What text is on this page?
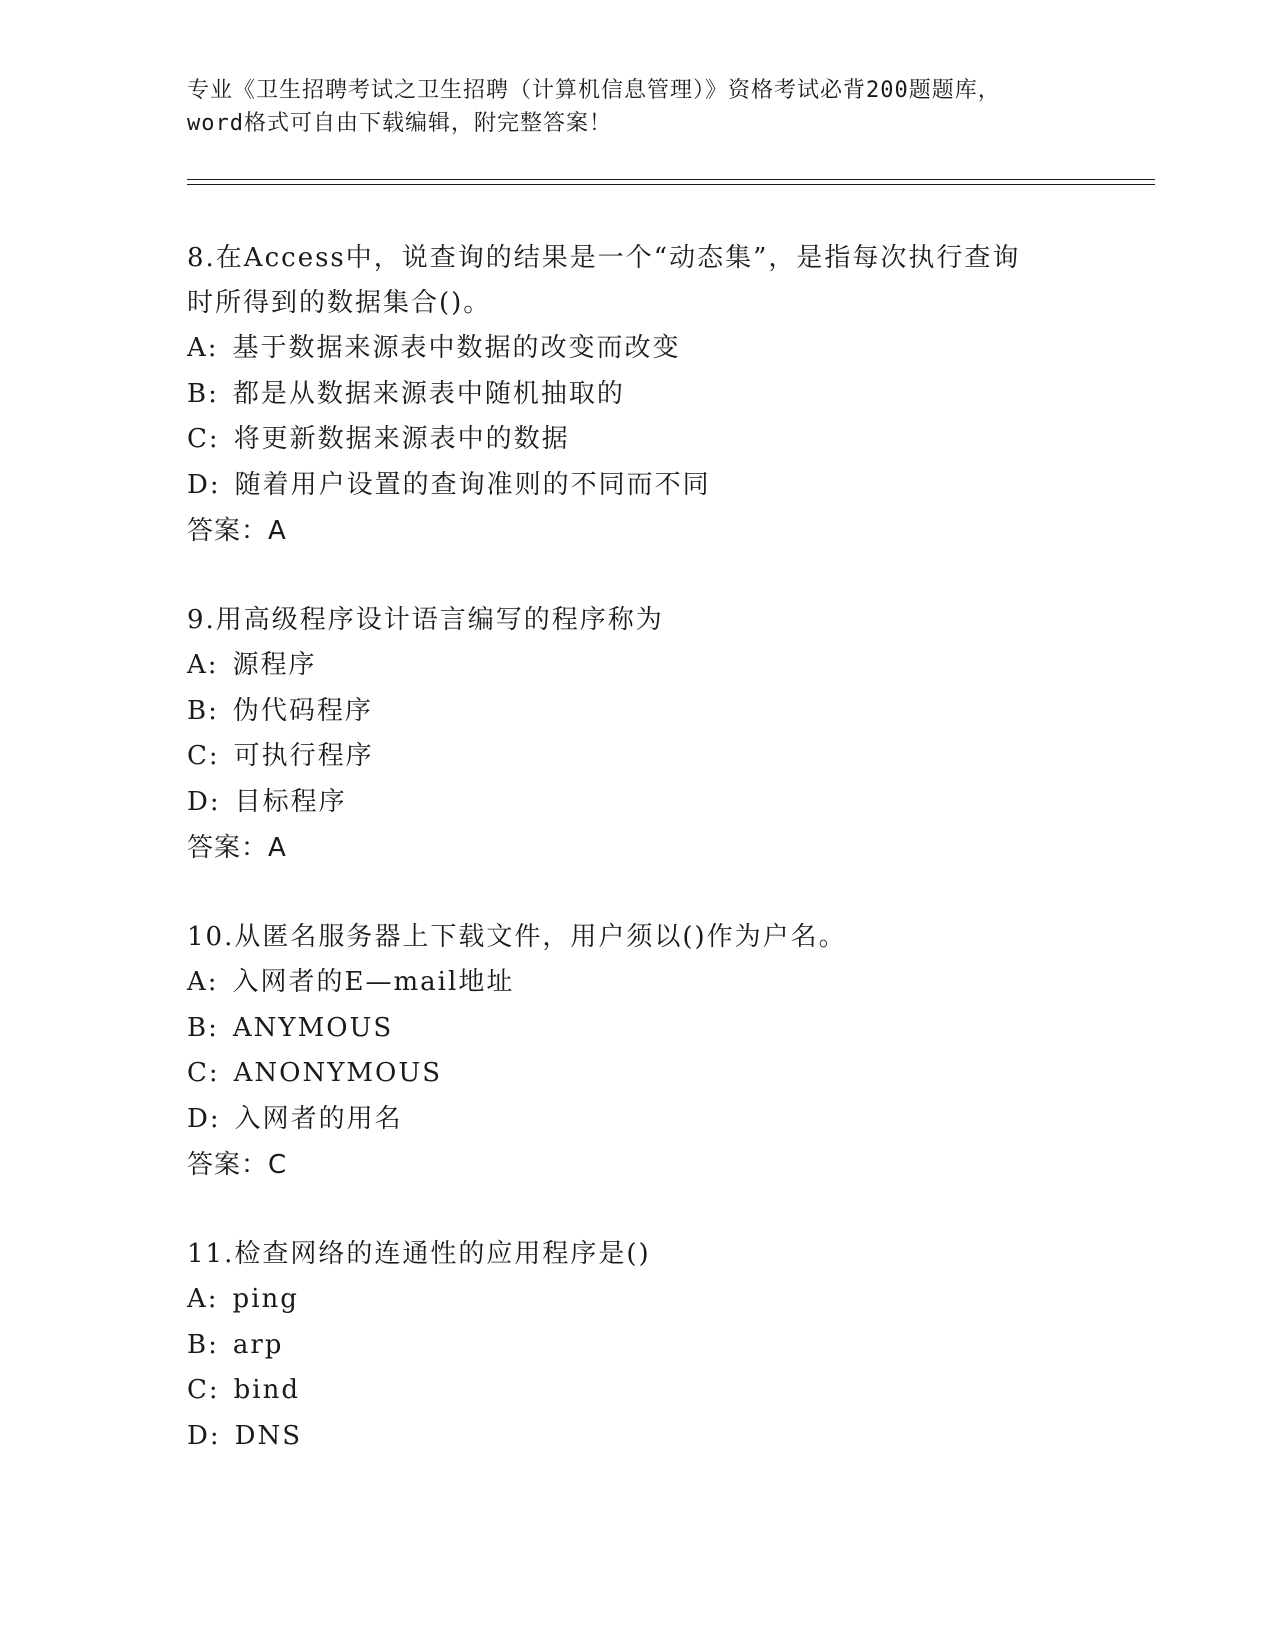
专业《卫生招聘考试之卫生招聘（计算机信息管理）》资格考试必背200题题库，
word格式可自由下载编辑，附完整答案！
8.在Access中，说查询的结果是一个“动态集”，是指每次执行查询
时所得到的数据集合()。
A: 基于数据来源表中数据的改变而改变
B: 都是从数据来源表中随机抽取的
C: 将更新数据来源表中的数据
D: 随着用户设置的查询准则的不同而不同
答案：A
9.用高级程序设计语言编写的程序称为
A: 源程序
B: 伪代码程序
C: 可执行程序
D: 目标程序
答案：A
10.从匿名服务器上下载文件，用户须以()作为户名。
A: 入网者的E—mail地址
B: ANYMOUS
C: ANONYMOUS
D: 入网者的用名
答案：C
11.检查网络的连通性的应用程序是()
A: ping
B: arp
C: bind
D: DNS
